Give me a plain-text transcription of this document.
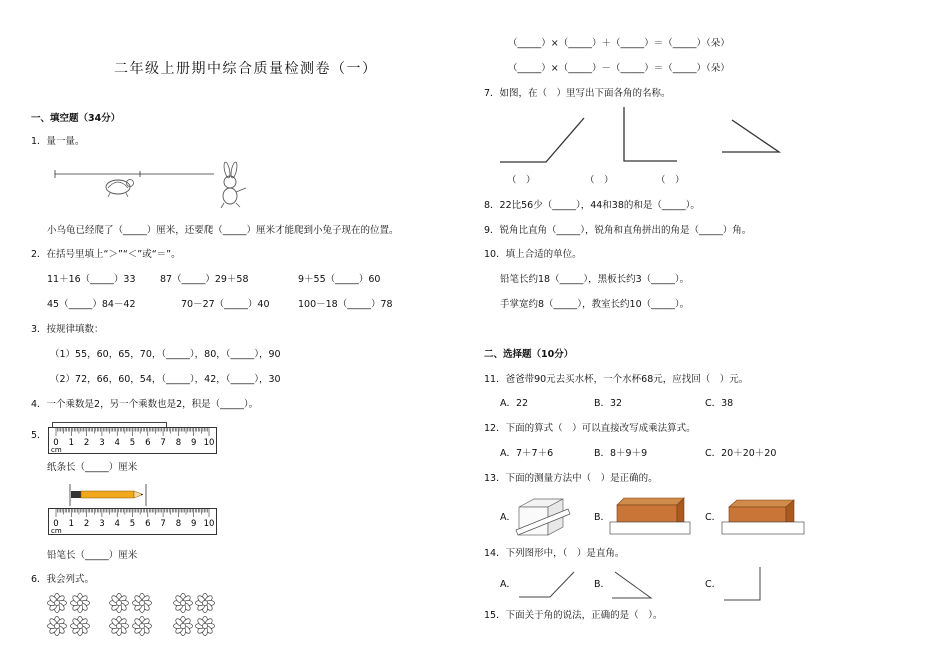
二年级上册期中综合质量检测卷（一）
一、填空题（34分）
1．量一量。
小乌龟已经爬了（_____）厘米，还要爬（_____）厘米才能爬到小兔子现在的位置。
2．在括号里填上“＞”“＜”或“＝”。
11＋16（_____）33	87（_____）29＋58	9＋55（_____）60
45（_____）84－42	70－27（_____）40	100－18（_____）78
3．按规律填数：
（1）55，60，65，70，（_____），80，（_____），90
（2）72，66，60，54，（_____），42，（_____），30
4．一个乘数是2，另一个乘数也是2，积是（_____）。
5．
0 1 2 3 4 5 6 7 8 9 10
cm
纸条长（_____）厘米
0 1 2 3 4 5 6 7 8 9 10
cm
铅笔长（_____）厘米
6．我会列式。
（_____）×（_____）＋（_____）＝（_____）（朵）
（_____）×（_____）－（_____）＝（_____）（朵）
7．如图，在（　）里写出下面各角的名称。
（　）	（　）	（　）
8．22比56少（_____），44和38的和是（_____）。
9．锐角比直角（_____），锐角和直角拼出的角是（_____）角。
10．填上合适的单位。
铅笔长约18（_____），黑板长约3（_____）。
手掌宽约8（_____），教室长约10（_____）。
二、选择题（10分）
11．爸爸带90元去买水杯，一个水杯68元，应找回（　）元。
A．22	B．32	C．38
12．下面的算式（　）可以直接改写成乘法算式。
A．7＋7＋6	B．8＋9＋9	C．20＋20＋20
13．下面的测量方法中（　）是正确的。
A．	B．	C．
14．下列图形中，（　）是直角。
A．	B．	C．
15．下面关于角的说法，正确的是（　）。
